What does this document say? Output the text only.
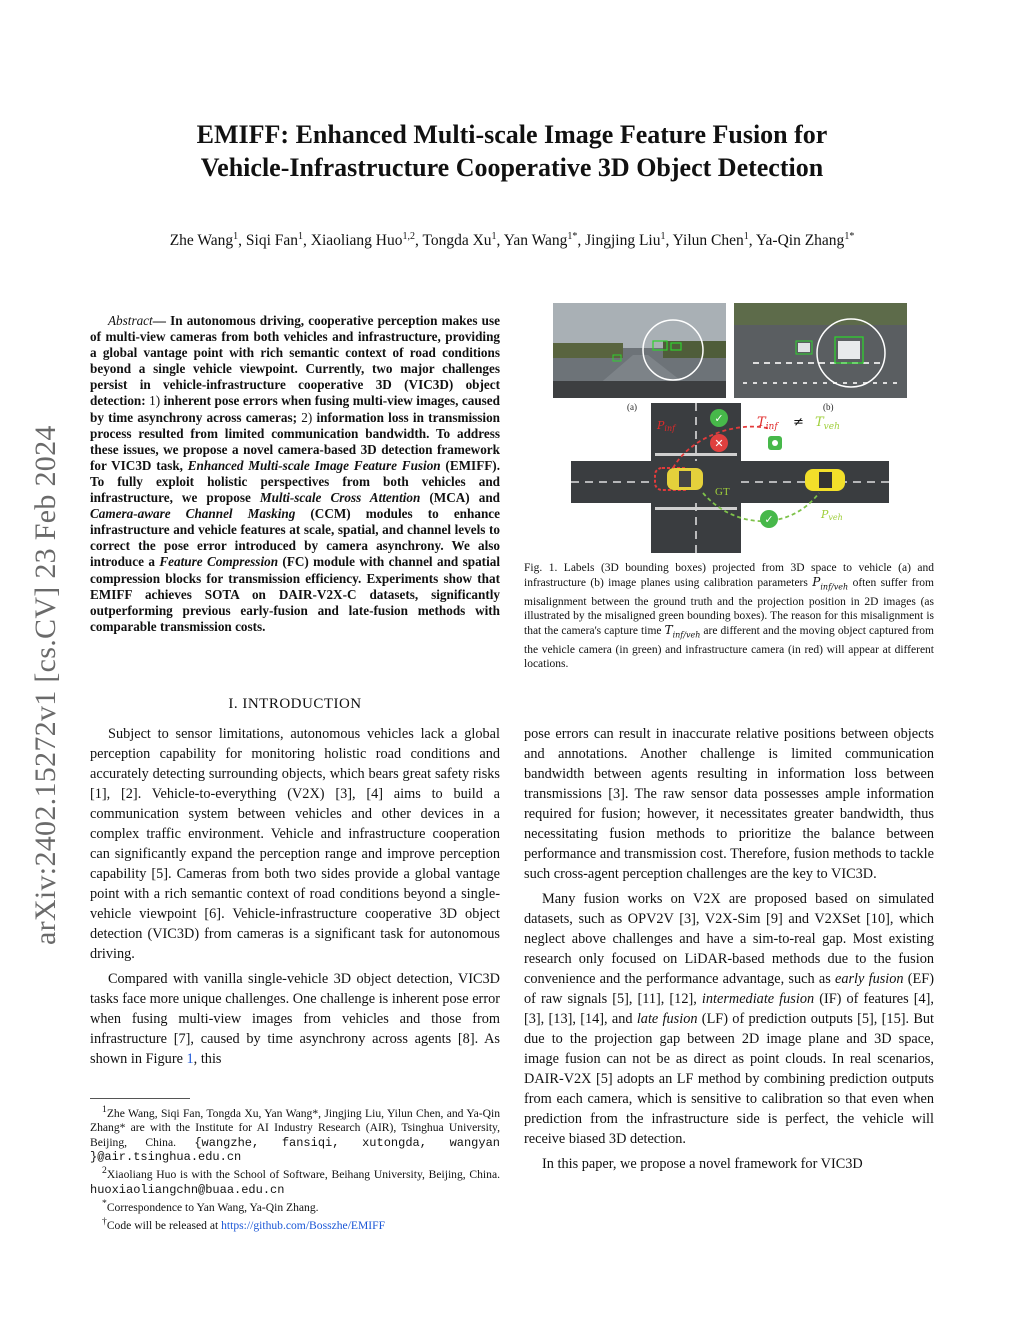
EMIFF: Enhanced Multi-scale Image Feature Fusion for
Vehicle-Infrastructure Cooperative 3D Object Detection
Zhe Wang$^1$, Siqi Fan$^1$, Xiaoliang Huo$^{1,2}$, Tongda Xu$^1$, Yan Wang$^{1*}$, Jingjing Liu$^1$, Yilun Chen$^1$, Ya-Qin Zhang$^{1*}$
arXiv:2402.15272v1 [cs.CV] 23 Feb 2024
Abstract— In autonomous driving, cooperative perception makes use of multi-view cameras from both vehicles and infrastructure, providing a global vantage point with rich semantic context of road conditions beyond a single vehicle viewpoint. Currently, two major challenges persist in vehicle-infrastructure cooperative 3D (VIC3D) object detection: 1) inherent pose errors when fusing multi-view images, caused by time asynchrony across cameras; 2) information loss in transmission process resulted from limited communication bandwidth. To address these issues, we propose a novel camera-based 3D detection framework for VIC3D task, Enhanced Multi-scale Image Feature Fusion (EMIFF). To fully exploit holistic perspectives from both vehicles and infrastructure, we propose Multi-scale Cross Attention (MCA) and Camera-aware Channel Masking (CCM) modules to enhance infrastructure and vehicle features at scale, spatial, and channel levels to correct the pose error introduced by camera asynchrony. We also introduce a Feature Compression (FC) module with channel and spatial compression blocks for transmission efficiency. Experiments show that EMIFF achieves SOTA on DAIR-V2X-C datasets, significantly outperforming previous early-fusion and late-fusion methods with comparable transmission costs.
I. INTRODUCTION

Subject to sensor limitations, autonomous vehicles lack a global perception capability for monitoring holistic road conditions and accurately detecting surrounding objects, which bears great safety risks [1], [2]. Vehicle-to-everything (V2X) [3], [4] aims to build a communication system between vehicles and other devices in a complex traffic environment. Vehicle and infrastructure cooperation can significantly expand the perception range and improve perception capability [5]. Cameras from both two sides provide a global vantage point with a rich semantic context of road conditions beyond a single-vehicle viewpoint [6]. Vehicle-infrastructure cooperative 3D object detection (VIC3D) from cameras is a significant task for autonomous driving.

Compared with vanilla single-vehicle 3D object detection, VIC3D tasks face more unique challenges. One challenge is inherent pose error when fusing multi-view images from vehicles and those from infrastructure [7], caused by time asynchrony across agents [8]. As shown in Figure 1, this

$^1$Zhe Wang, Siqi Fan, Tongda Xu, Yan Wang*, Jingjing Liu, Yilun Chen, and Ya-Qin Zhang* are with the Institute for AI Industry Research (AIR), Tsinghua University, Beijing, China. {wangzhe, fansiqi, xutongda, wangyan }@air.tsinghua.edu.cn

$^2$Xiaoliang Huo is with the School of Software, Beihang University, Beijing, China. huoxiaoliangchn@buaa.edu.cn

*Correspondence to Yan Wang, Ya-Qin Zhang.

†Code will be released at https://github.com/Bosszhe/EMIFF

(a)	(b)
✓
✕
✓
$T_{inf} \ne T_{veh}$
Pinf
Pveh
GT
Fig. 1. Labels (3D bounding boxes) projected from 3D space to vehicle (a) and infrastructure (b) image planes using calibration parameters $P_{inf/veh}$ often suffer from misalignment between the ground truth and the projection position in 2D images (as illustrated by the misaligned green bounding boxes). The reason for this misalignment is that the camera's capture time $T_{inf/veh}$ are different and the moving object captured from the vehicle camera (in green) and infrastructure camera (in red) will appear at different locations.

pose errors can result in inaccurate relative positions between objects and annotations. Another challenge is limited communication bandwidth between agents resulting in information loss between transmissions [3]. The raw sensor data possesses ample information required for fusion; however, it necessitates greater bandwidth, thus necessitating fusion methods to prioritize the balance between performance and transmission cost. Therefore, fusion methods to tackle such cross-agent perception challenges are the key to VIC3D.

Many fusion works on V2X are proposed based on simulated datasets, such as OPV2V [3], V2X-Sim [9] and V2XSet [10], which neglect above challenges and have a sim-to-real gap. Most existing research only focused on LiDAR-based methods due to the fusion convenience and the performance advantage, such as early fusion (EF) of raw signals [5], [11], [12], intermediate fusion (IF) of features [4], [3], [13], [14], and late fusion (LF) of prediction outputs [5], [15]. But due to the projection gap between 2D image plane and 3D space, image fusion can not be as direct as point clouds. In real scenarios, DAIR-V2X [5] adopts an LF method by combining prediction outputs from each camera, which is sensitive to calibration so that even when prediction from the infrastructure side is perfect, the vehicle will receive biased 3D detection.

In this paper, we propose a novel framework for VIC3D
